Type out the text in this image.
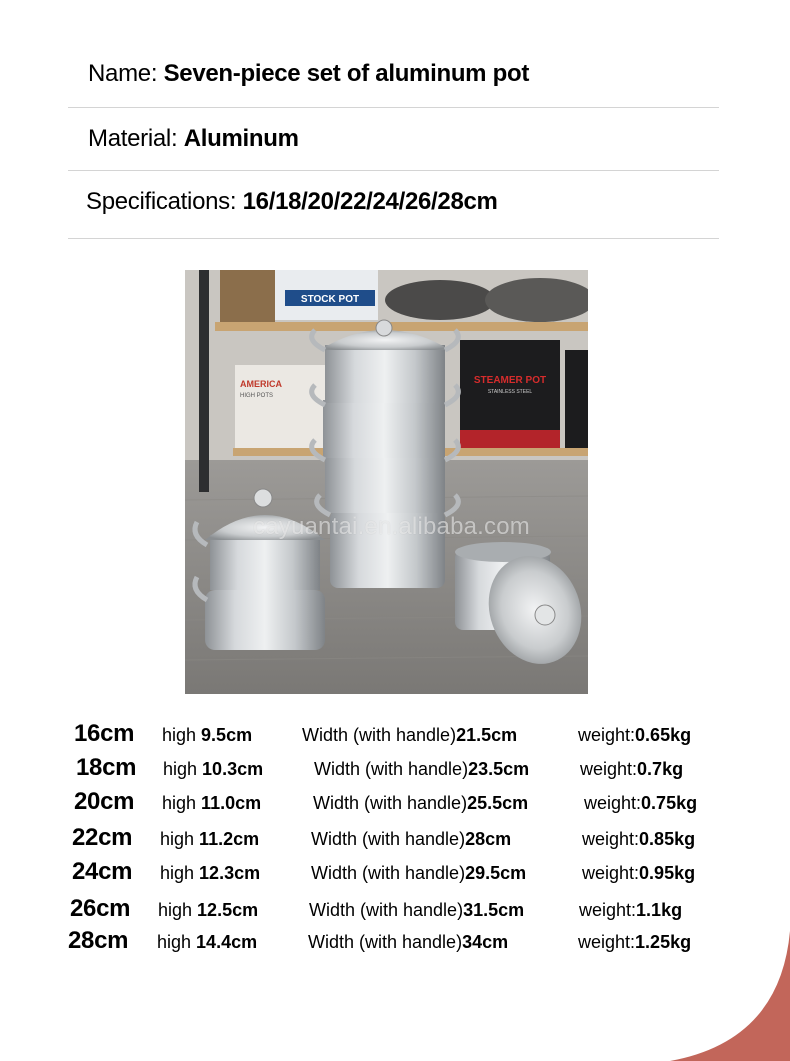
Name: Seven-piece set of aluminum pot
Material: Aluminum
Specifications: 16/18/20/22/24/26/28cm
STOCK POT
AMERICA
HIGH POTS
STEAMER POT
STAINLESS STEEL
cayuantai.en.alibaba.com
16cm high 9.5cm	Width (with handle)21.5cm	weight:0.65kg
18cm high 10.3cm	Width (with handle)23.5cm	weight:0.7kg
20cm high 11.0cm	Width (with handle)25.5cm	weight:0.75kg
22cm high 11.2cm	Width (with handle)28cm	weight:0.85kg
24cm high 12.3cm	Width (with handle)29.5cm	weight:0.95kg
26cm high 12.5cm	Width (with handle)31.5cm	weight:1.1kg
28cm high 14.4cm	Width (with handle)34cm	weight:1.25kg
